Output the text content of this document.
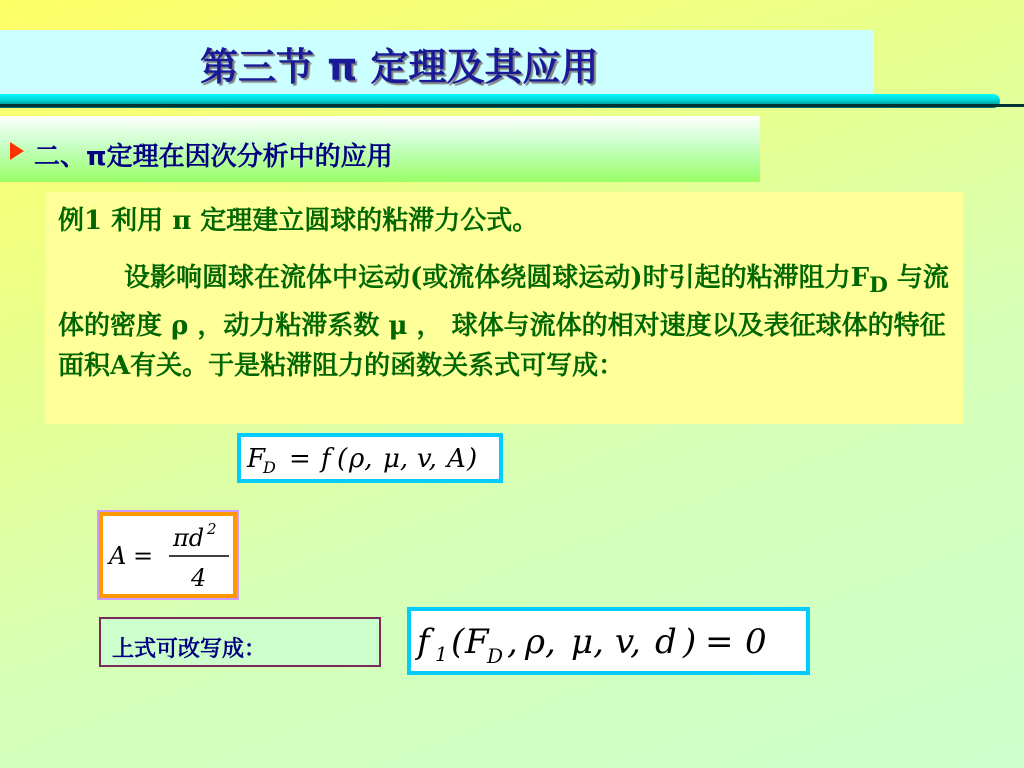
第三节 π 定理及其应用
二、π定理在因次分析中的应用
例1 利用 π 定理建立圆球的粘滞力公式。
设影响圆球在流体中运动(或流体绕圆球运动)时引起的粘滞阻力$F_D$ 与流体的密度 ρ ，动力粘滞系数 μ ， 球体与流体的相对速度以及表征球体的特征面积A有关。于是粘滞阻力的函数关系式可写成：
F
D = f ( ρ, μ, v, A )
A =
πd 2
4
上式可改写成：	f 1 ( F
D , ρ, μ, v, d ) = 0
